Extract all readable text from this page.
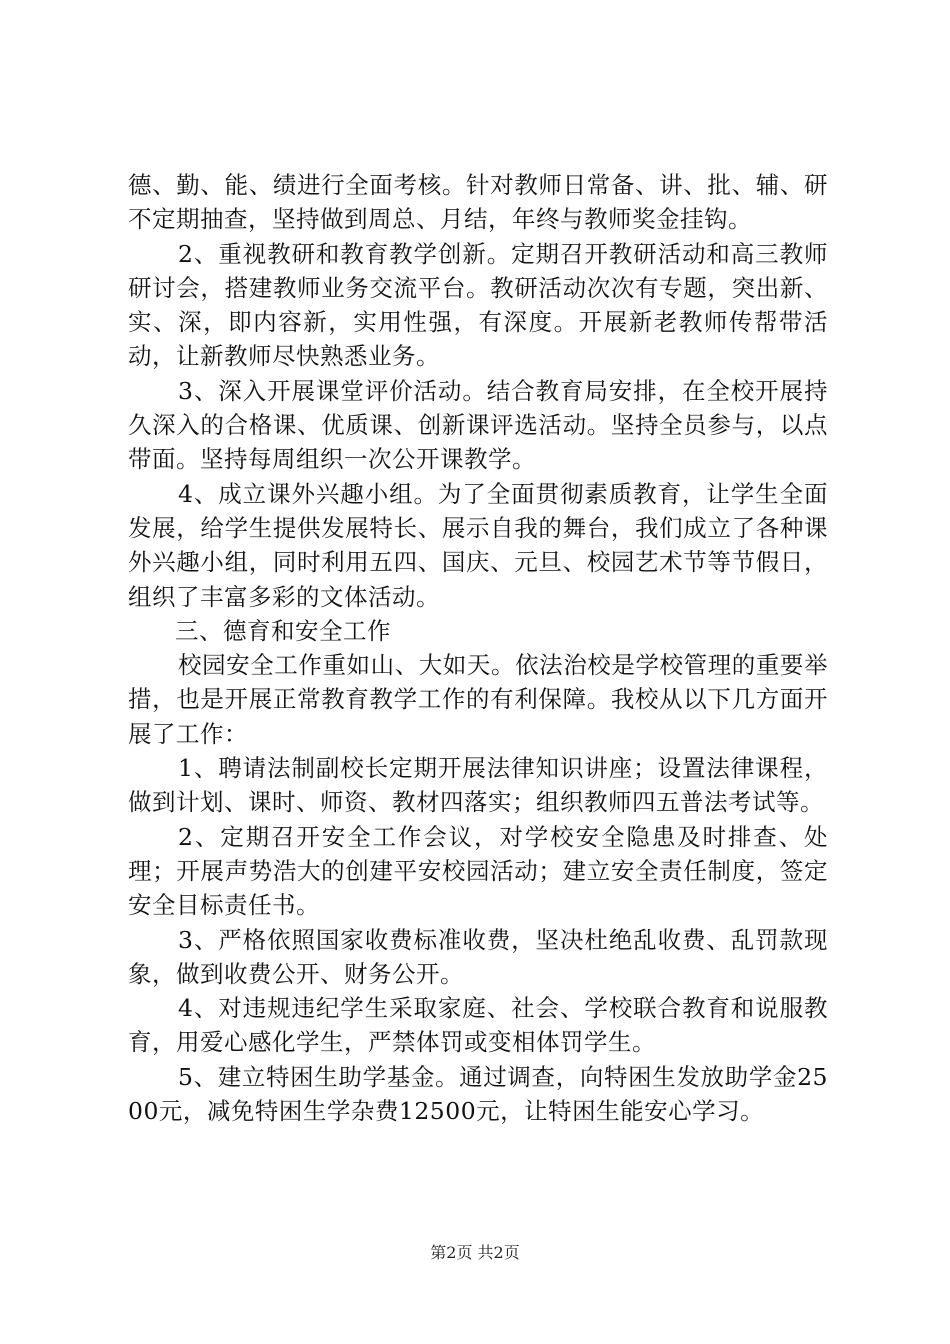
德、勤、能、绩进行全面考核。针对教师日常备、讲、批、辅、研不定期抽查，坚持做到周总、月结，年终与教师奖金挂钩。

2、重视教研和教育教学创新。定期召开教研活动和高三教师研讨会，搭建教师业务交流平台。教研活动次次有专题，突出新、实、深，即内容新，实用性强，有深度。开展新老教师传帮带活动，让新教师尽快熟悉业务。

3、深入开展课堂评价活动。结合教育局安排，在全校开展持久深入的合格课、优质课、创新课评选活动。坚持全员参与，以点带面。坚持每周组织一次公开课教学。

4、成立课外兴趣小组。为了全面贯彻素质教育，让学生全面发展，给学生提供发展特长、展示自我的舞台，我们成立了各种课外兴趣小组，同时利用五四、国庆、元旦、校园艺术节等节假日，组织了丰富多彩的文体活动。

三、德育和安全工作

校园安全工作重如山、大如天。依法治校是学校管理的重要举措，也是开展正常教育教学工作的有利保障。我校从以下几方面开展了工作：

1、聘请法制副校长定期开展法律知识讲座；设置法律课程，做到计划、课时、师资、教材四落实；组织教师四五普法考试等。

2、定期召开安全工作会议，对学校安全隐患及时排查、处理；开展声势浩大的创建平安校园活动；建立安全责任制度，签定安全目标责任书。

3、严格依照国家收费标准收费，坚决杜绝乱收费、乱罚款现象，做到收费公开、财务公开。

4、对违规违纪学生采取家庭、社会、学校联合教育和说服教育，用爱心感化学生，严禁体罚或变相体罚学生。

5、建立特困生助学基金。通过调查，向特困生发放助学金2500元，减免特困生学杂费12500元，让特困生能安心学习。

第2页 共2页
